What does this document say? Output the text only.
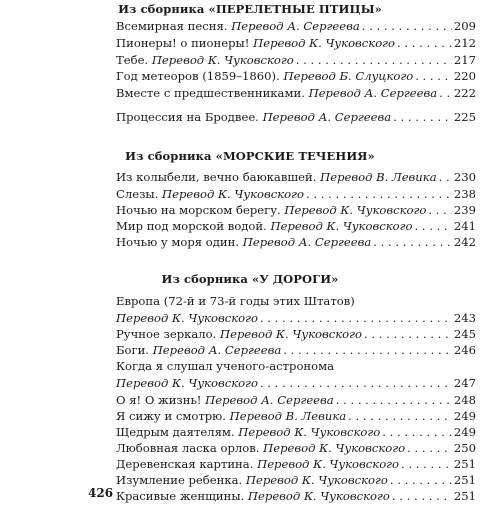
Из сборника «ПЕРЕЛЕТНЫЕ ПТИЦЫ»
Из сборника «МОРСКИЕ ТЕЧЕНИЯ»
Из сборника «У ДОРОГИ»
Всемирная песня. Перевод А. Сергеева . . .	209
Пионеры! о пионеры! Перевод К. Чуковского . . .	212
Тебе. Перевод К. Чуковского . . .	217
Год метеоров (1859–1860). Перевод Б. Слуцкого . . .	220
Вместе с предшественниками. Перевод А. Сергеева . . . 222
Процессия на Бродвее. Перевод А. Сергеева . . .	225
Из колыбели, вечно баюкавшей. Перевод В. Левика . . . 230
Слезы. Перевод К. Чуковского . . .	238
Ночью на морском берегу. Перевод К. Чуковского . . . 239
Мир под морской водой. Перевод К. Чуковского . . .	241
Ночью у моря один. Перевод А. Сергеева . . .	242
Европа (72-й и 73-й годы этих Штатов)
Перевод К. Чуковского . . .	243
Ручное зеркало. Перевод К. Чуковского . . .	245
Боги. Перевод А. Сергеева . . .	246
Когда я слушал ученого-астронома
Перевод К. Чуковского . . .	247
О я! О жизнь! Перевод А. Сергеева . . .	248
Я сижу и смотрю. Перевод В. Левика . . .	249
Щедрым даятелям. Перевод К. Чуковского . . .	249
Любовная ласка орлов. Перевод К. Чуковского . . .	250
Деревенская картина. Перевод К. Чуковского . . .	251
Изумление ребенка. Перевод К. Чуковского . . .	251
Красивые женщины. Перевод К. Чуковского . . .	251
426
